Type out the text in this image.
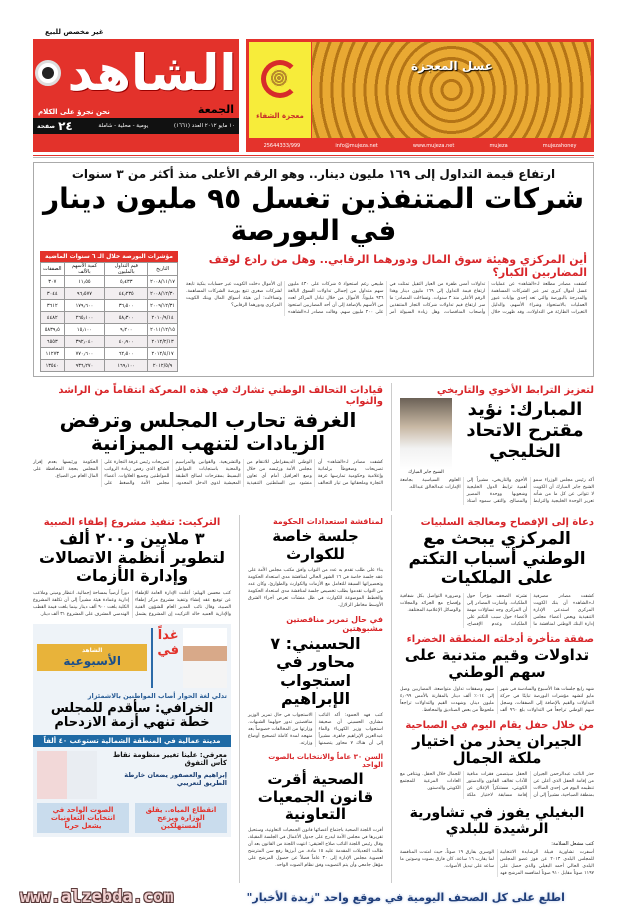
غير مخصص للبيع
الشاهد
الجمعة
نحن نجرؤ على الكلام
١٠ مايو ٢٠١٢ العدد (١٦٦١)
يومية - محلية - شاملة
٢٤
صفحة
معجزة الشفاء
عسل المعجزة
25644333/999	info@mujeza.net	www.mujeza.net	mujeza	mujezahoney
ارتفاع قيمة التداول إلى ١٦٩ مليون دينار.. وهو الرقم الأعلى منذ أكثر من ٣ سنوات
شركات المتنفذين تغسل ٩٥ مليون دينار في البورصة
أين المركزي وهيئة سوق المال ودورهما الرقابي.. وهل من رادع لوقف المضاربين الكبار؟
كشفت مصادر مطلعة لـ«الشاهد» عن عمليات غسل أموال كبرى تمر عبر الشركات المساهمة والمدرجة بالبورصة والتي تعد إحدى بوابات عبور العمليات بالاستحواذ وشراء الأسهم، والدليل التغيرات الطارئة في التداولات، وقد ظهرت خلال تداولات أمس طفرة من العيار الثقيل تمثلت في ارتفاع قيمة التداول إلى ١٦٩ مليون دينار وهذا الرقم الأعلى منذ ٣ سنوات. وتساءلت المصادر: ما سر ارتفاع قيم تداولات شركات التجار المتنفذين وأصحاب المناقصات، وهل زيادة السيولة أمر طبيعي رغم استحواذ ٥ شركات على ٤٣٠ مليون سهم متداول من إجمالي تداولات السوق البالغة ٩٣٦ مليوناً. الأموال من خلال تبادل المراكز لعدد من الأسهم بالإضافة إلى أن أحد المضاربين استحوذ على ٢٠٠ مليون سهم. وقالت مصادر لـ«الشاهد» إن الأموال دخلت الكويت عبر حسابات بنكية تابعة لشركات صغرى تتبع بورصة الشركات المساهمة. وتساءلت: أين هيئة أسواق المال وبنك الكويت المركزي ودورهما الرقابي؟
مؤشرات البورصة خلال الـ ٦ سنوات الماضية
التاريخ	قيم التداول بالمليون	كمية الأسهم بالألف	الصفقات
٢٠٠٨/١١/١٧	٥٫٤٣٣	١١٫٥٥	٣٠٧
٢٠٠٨/١٢/٣٠	٤٤٫٢٣٥	٩٦٫٥٧٧	٣٠٤٤
٢٠٠٩/١٢/٣١	٣٦٫٥٠٠	١٧٩٫٦٠٠	٣٦١٢
٢٠١٠/٩/١٤	٥٨٫٣٠٠	٢٦٥٫١٠٠	٤٤٨٢
٢٠١١/١٢/١٥	٩٫٢٠٠	١٥٫١٠٠	٥٨٣٩٫٥
٢٠١٢/٢/١٣	٤٠٫٩٠٠	٣٩٢٫٠٤٠	٦٥٥٣
٢٠١٢/٤/١٧	٦٢٫٥٠٠	٧٧٠٫٦٠٠	١١٢٧٣
٢٠١٢/٥/٩	١٦٩٫١٠٠	٩٣٦٫٢٧٠	١٣٥٤٠
لتعزيز الترابط الأخوي والتاريخي
المبارك: نؤيد مقترح الاتحاد الخليجي
الشيخ جابر المبارك
أكد رئيس مجلس الوزراء سمو الشيخ جابر المبارك أن الكويت لا تتوانى عن كل ما من شأنه تعزيز الوحدة الخليجية والترابط الأخوي والتاريخي، مشيراً إلى أهمية ترابط الدول الخليجية وشعوبها ووحدة المصير والمصالح. والتقى سموه أستاذ العلوم السياسية بجامعة الإمارات عبدالخالق عبدالله.
قيادات التحالف الوطني تشارك في هذه المعركة انتقاماً من الراشد والنواب
الغرفة تحارب المجلس وترفض الزيادات لتنهب الميزانية
كشفت مصادر لـ«الشاهد» أن تصريحات وضغوطاً برلمانية وإعلامية وحكومية تمارسها غرفة التجارة وملحقاتها من تيار التحالف الوطني الديمقراطي للانتقام من مجلس الأمة ورئيسه من خلال وضع العراقيل أمام أي تعاون منشود بين السلطتين التنفيذية والتشريعية. والقوانين والمراسيم والمعنية باستجابات المواطن البسيط بمقترحات لصالح الطبقة المعيشية لذوي الدخل المحدود. تصريحات رئيس غرفة التجارة على الشائع الذي رفض زيادة الرواتب للمواطنين وجميع العلاوات. أعضاء مجلس الأمة والضغط على الحكومة ورئيسها بعدم إقرار المجلس بحجة المحافظة على المال العام من الضياع.
دعاة إلى الإفصاح ومعالجة السلبيات
المركزي يبحث مع الوطني أسباب التكتم على الملكيات
كشفت مصادر مصرفية لـ«الشاهد» أن بنك الكويت المركزي استدعى الإدارة التنفيذية وبعض أعضاء مجلس إدارة البنك الوطني لمناقشة ما نشرته الصحف مؤخراً حول الملكيات. وأشارت المصادر إلى أن المركزي وجه تساؤلات مهمة لأعضاء حول سبب التكتم على الملكيات وعدم الإفصاح، وضرورة التواصل بكل شفافية وإفصاح مع الجرائد والمجلات والوسائل الإعلامية المختلفة.
صفقة متأخرة أدخلته المنطقة الخضراء
تداولات وقيم متدنية على سهم الوطني
شهد رابع جلسات هذا الأسبوع والسادسة في شهر مايو لتشهد مؤشرات البورصة تباينًا في حركة التداولات والقيم بالإضافة إلى الصفقات، وسجل سهم الوطني تراجعاً في التداولات بلغ ٩٦٠ ألف سهم وصفقات تداول متواضعة، المضاربين وصل إلى ٠١٤٪ ألف دينار بالمقارنة بالأمس ٤٫٠٩٩ مليون دينار، وشهدت القيم والتداولات تراجعاً ملحوظاً من بعض الصناديق والمحافظ.
من خلال حفل يقام اليوم في الصباحية
الجيران يحذر من اختيار ملكة الجمال
حذر النائب عبدالرحمن الجيران من إقامة الحفل الذي أعلن عن تنظيمه اليوم في إحدى الصالات بمنطقة الصباحية، مشيراً إلى أن الحفل سيتضمن فقرات منافية للآداب تخالف القانون والدستور الكويتي، مستنكراً الإعلان عن إقامة مسابقة لاختيار ملكة للجمال خلال الحفل. ويتنافى مع العادات المرعية للمجتمع الكويتي والدستور.
البغيلي يفوز في تشاورية الرشيدة للبلدي
كتب مشعل السلامة:
أسفرت تشاورية قبيلة الرشايدة الانتخابية للمجلس البلدي ٢٠١٣ عن فوز عضو المجلس البلدي الحالي أحمد البغيلي والذي حصل على ١١٩٧ صوتاً مقابل ٩١٠ صوتاً لمنافسه المرشح فهد الوسري بفارق ١٩ صوتاً، حيث امتدت المنافسة لما يقارب ١٦ ساعة، كان فارق بصوت وصوتين ما ساعد على تبديل الأصوات.
لمناقشة استعدادات الحكومة
جلسة خاصة للكوارث
بناء على طلب تقدم به عدد من النواب وافق مكتب مجلس الأمة على عقد جلسة خاصة في ١٦ الشهر الحالي لمناقشة مدى استعداد الحكومة وتحضيراتها السبقة للتعامل مع الأزمات والكوارث والطوارئ، وكان عدد من النواب تقدموا بطلب تخصيص جلسة لمناقشة مدى استعداد الحكومة والخطط الموضوعة للكوارث في ظل منشآت تعرض أجزاء الشرق الأوسط مخاطر الزلازل.
في حال تمرير مناقصتين مشبوهتين
الحسيني: ٧ محاور في استجواب الإبراهيم
كتب فهد الحمود: أكد النائب مشاري الحسيني أن صحيفة استجواب وزير الكهرباء والماء عبدالعزيز الإبراهيم جاهزة، مشيراً إلى أن هناك ٧ محاور يتضمنها الاستجواب في حال تمرير الوزير مناقصتين تدور حولهما الشبهات. وزارتها من المخالفات خصوصاً بعد منهجه لمدة كاملة لتصحيح أوضاع وزارته.
السن ٣٠ عاماً والانتخابات بالصوت الواحد
الصحية أقرت قانون الجمعيات التعاونية
أقرت اللجنة الصحية باجتماع أعضائها قانون الجمعيات التعاونية، وستحيل تقريرها في مجلس الأمة ليدرج على جدول الأعمال في الجلسة المقبلة، وقال رئيس اللجنة النائب صلاح العتيقي: انتهت اللجنة من القانون بعد أن طالت التعديلات المقدمة عليه ١٥ مادة، من أبرزها رفع سن المترشح لعضوية مجلس الإدارة إلى ٣٠ عاماً فضلاً عن حصول المرشح على مؤهل جامعي وأن يتم التصويت وفق نظام الصوت الواحد.
التركيت: تنفيذ مشروع إطفاء الصبية
٣ ملايين و٢٠٠ ألف لتطوير أنظمة الاتصالات وإدارة الأزمات
كتب محسن الهيلم: أعلنت الإدارة العامة للإطفاء عن توقيع عقد إنشاء وتنفيذ مشروع مركز إطفاء الصبية، وقال نائب المدير العام للشؤون الفنية والإدارية العميد خالد التركيت إن المشروع يشمل دوراً أرضياً بمساحة إجمالية. انتظار ومبنى وملاعب إدارية وعمادة هيئة مشيراً إلى أن تكلفة المشروع الكلية بلغت ٩٠٠ ألف دينار بينما بلغت قيمة القطب الهندسي المشرف على المشروع ٣١ ألف دينار.
غداً
في
الشاهد
الأسبوعية
تدلي لغة الحوار أصاب المواطنين بالاشمئزاز
الخرافي: سأقدم للمجلس خطة تنهي أزمة الازدحام
مدينة عمالية في المنطقة الشمالية تستوعب ٤٠ ألفاً
معرفي: علينا تغيير منظومة نقاط كأس التفوق
إبراهيم والعصفور يضعان خارطة الطريق لتعريبي
انقطاع المياه.. يقلق الوزارة ويزعج المستهلكين
الصوت الواحد في انتخابات التعاونيات يشعل حرباً
www.alzebda.com	اطلع على كل الصحف اليومية في موقع واحد "زبدة الأخبار"
